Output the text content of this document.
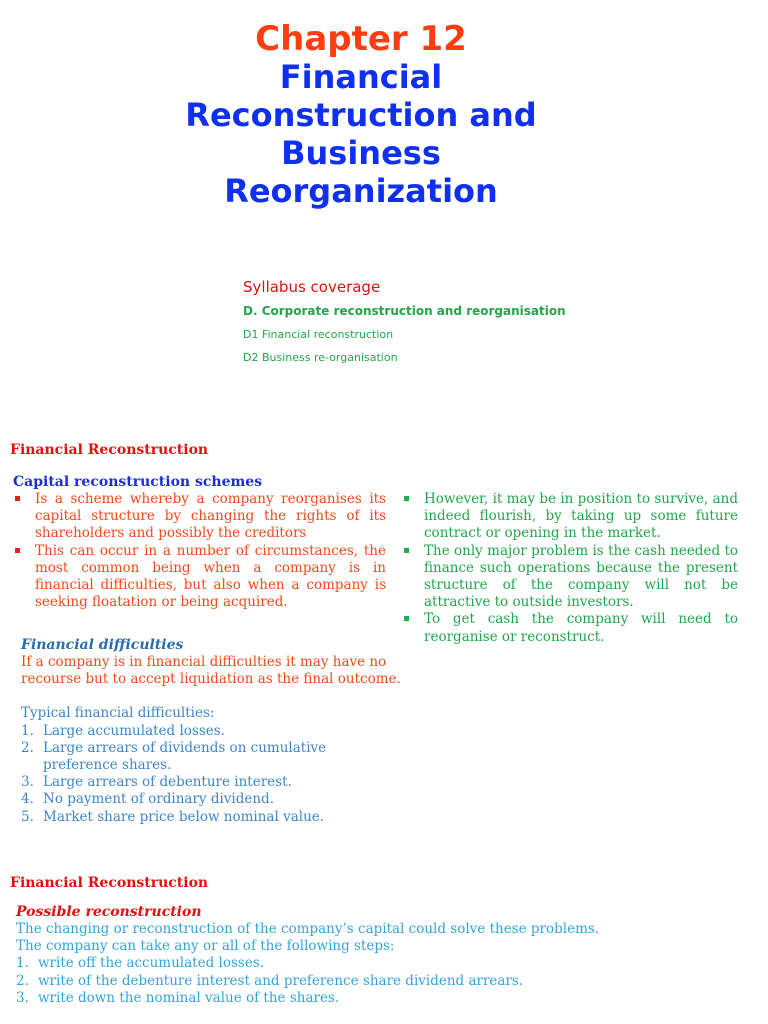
Chapter 12
Financial
Reconstruction and
Business
Reorganization
Syllabus coverage
D. Corporate reconstruction and reorganisation
D1 Financial reconstruction
D2 Business re-organisation
Financial Reconstruction
Capital reconstruction schemes
Is a scheme whereby a company reorganises its capital structure by changing the rights of its shareholders and possibly the creditors
This can occur in a number of circumstances, the most common being when a company is in financial difficulties, but also when a company is seeking floatation or being acquired.
However, it may be in position to survive, and indeed flourish, by taking up some future contract or opening in the market.
The only major problem is the cash needed to finance such operations because the present structure of the company will not be attractive to outside investors.
To get cash the company will need to reorganise or reconstruct.
Financial difficulties
If a company is in financial difficulties it may have no recourse but to accept liquidation as the final outcome.
Typical financial difficulties:
1. Large accumulated losses.
2. Large arrears of dividends on cumulative preference shares.
3. Large arrears of debenture interest.
4. No payment of ordinary dividend.
5. Market share price below nominal value.
Financial Reconstruction
Possible reconstruction
The changing or reconstruction of the company’s capital could solve these problems.
The company can take any or all of the following steps:
1. write off the accumulated losses.
2. write of the debenture interest and preference share dividend arrears.
3. write down the nominal value of the shares.
